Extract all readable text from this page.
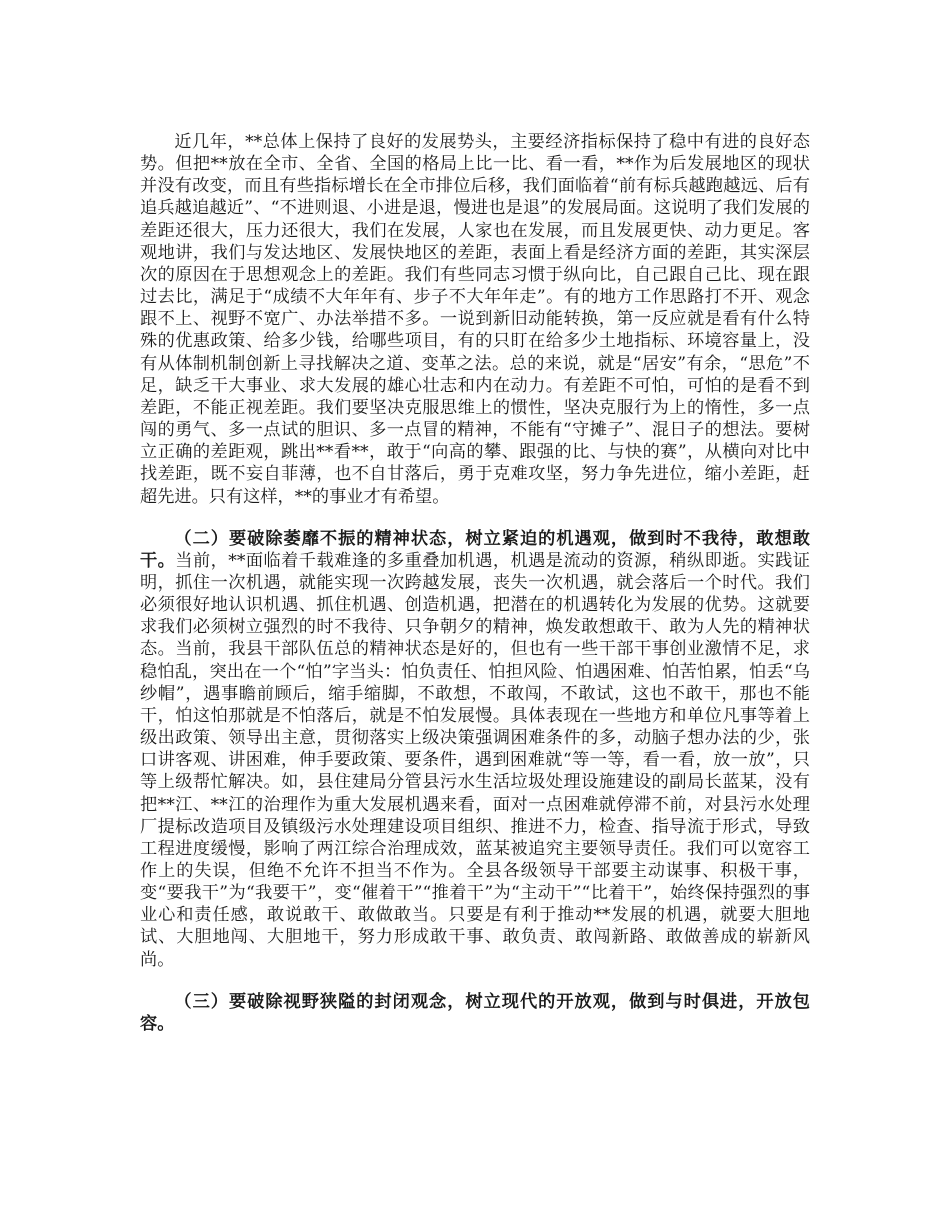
近几年，**总体上保持了良好的发展势头，主要经济指标保持了稳中有进的良好态势。但把**放在全市、全省、全国的格局上比一比、看一看，**作为后发展地区的现状并没有改变，而且有些指标增长在全市排位后移，我们面临着“前有标兵越跑越远、后有追兵越追越近”、“不进则退、小进是退，慢进也是退”的发展局面。这说明了我们发展的差距还很大，压力还很大，我们在发展，人家也在发展，而且发展更快、动力更足。客观地讲，我们与发达地区、发展快地区的差距，表面上看是经济方面的差距，其实深层次的原因在于思想观念上的差距。我们有些同志习惯于纵向比，自己跟自己比、现在跟过去比，满足于“成绩不大年年有、步子不大年年走”。有的地方工作思路打不开、观念跟不上、视野不宽广、办法举措不多。一说到新旧动能转换，第一反应就是看有什么特殊的优惠政策、给多少钱，给哪些项目，有的只盯在给多少土地指标、环境容量上，没有从体制机制创新上寻找解决之道、变革之法。总的来说，就是“居安”有余，“思危”不足，缺乏干大事业、求大发展的雄心壮志和内在动力。有差距不可怕，可怕的是看不到差距，不能正视差距。我们要坚决克服思维上的惯性，坚决克服行为上的惰性，多一点闯的勇气、多一点试的胆识、多一点冒的精神，不能有“守摊子”、混日子的想法。要树立正确的差距观，跳出**看**，敢于“向高的攀、跟强的比、与快的赛”，从横向对比中找差距，既不妄自菲薄，也不自甘落后，勇于克难攻坚，努力争先进位，缩小差距，赶超先进。只有这样，**的事业才有希望。

（二）要破除萎靡不振的精神状态，树立紧迫的机遇观，做到时不我待，敢想敢干。当前，**面临着千载难逢的多重叠加机遇，机遇是流动的资源，稍纵即逝。实践证明，抓住一次机遇，就能实现一次跨越发展，丧失一次机遇，就会落后一个时代。我们必须很好地认识机遇、抓住机遇、创造机遇，把潜在的机遇转化为发展的优势。这就要求我们必须树立强烈的时不我待、只争朝夕的精神，焕发敢想敢干、敢为人先的精神状态。当前，我县干部队伍总的精神状态是好的，但也有一些干部干事创业激情不足，求稳怕乱，突出在一个“怕”字当头：怕负责任、怕担风险、怕遇困难、怕苦怕累，怕丢“乌纱帽”，遇事瞻前顾后，缩手缩脚，不敢想，不敢闯，不敢试，这也不敢干，那也不能干，怕这怕那就是不怕落后，就是不怕发展慢。具体表现在一些地方和单位凡事等着上级出政策、领导出主意，贯彻落实上级决策强调困难条件的多，动脑子想办法的少，张口讲客观、讲困难，伸手要政策、要条件，遇到困难就“等一等，看一看，放一放”，只等上级帮忙解决。如，县住建局分管县污水生活垃圾处理设施建设的副局长蓝某，没有把**江、**江的治理作为重大发展机遇来看，面对一点困难就停滞不前，对县污水处理厂提标改造项目及镇级污水处理建设项目组织、推进不力，检查、指导流于形式，导致工程进度缓慢，影响了两江综合治理成效，蓝某被追究主要领导责任。我们可以宽容工作上的失误，但绝不允许不担当不作为。全县各级领导干部要主动谋事、积极干事，变“要我干”为“我要干”，变“催着干”“推着干”为“主动干”“比着干”，始终保持强烈的事业心和责任感，敢说敢干、敢做敢当。只要是有利于推动**发展的机遇，就要大胆地试、大胆地闯、大胆地干，努力形成敢干事、敢负责、敢闯新路、敢做善成的崭新风尚。

（三）要破除视野狭隘的封闭观念，树立现代的开放观，做到与时俱进，开放包容。
